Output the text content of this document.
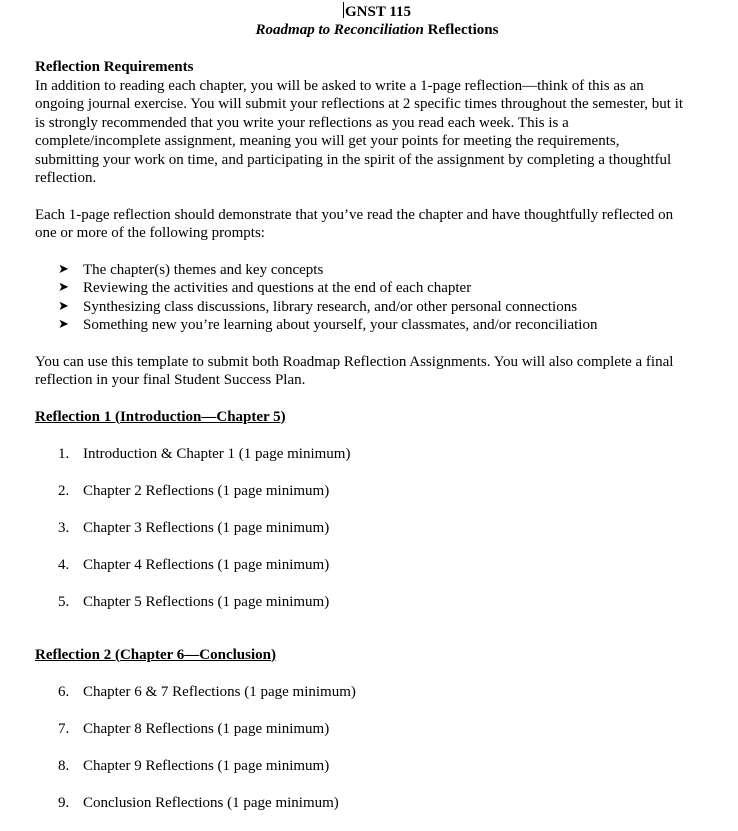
GNST 115
Roadmap to Reconciliation Reflections
Reflection Requirements

In addition to reading each chapter, you will be asked to write a 1-page reflection—think of this as an ongoing journal exercise. You will submit your reflections at 2 specific times throughout the semester, but it is strongly recommended that you write your reflections as you read each week. This is a complete/incomplete assignment, meaning you will get your points for meeting the requirements, submitting your work on time, and participating in the spirit of the assignment by completing a thoughtful reflection.

Each 1-page reflection should demonstrate that you’ve read the chapter and have thoughtfully reflected on one or more of the following prompts:

➤ The chapter(s) themes and key concepts
➤ Reviewing the activities and questions at the end of each chapter
➤ Synthesizing class discussions, library research, and/or other personal connections
➤ Something new you’re learning about yourself, your classmates, and/or reconciliation

You can use this template to submit both Roadmap Reflection Assignments. You will also complete a final reflection in your final Student Success Plan.

Reflection 1 (Introduction—Chapter 5)
1. Introduction & Chapter 1 (1 page minimum)
2. Chapter 2 Reflections (1 page minimum)
3. Chapter 3 Reflections (1 page minimum)
4. Chapter 4 Reflections (1 page minimum)
5. Chapter 5 Reflections (1 page minimum)
Reflection 2 (Chapter 6—Conclusion)
6. Chapter 6 & 7 Reflections (1 page minimum)
7. Chapter 8 Reflections (1 page minimum)
8. Chapter 9 Reflections (1 page minimum)
9. Conclusion Reflections (1 page minimum)
